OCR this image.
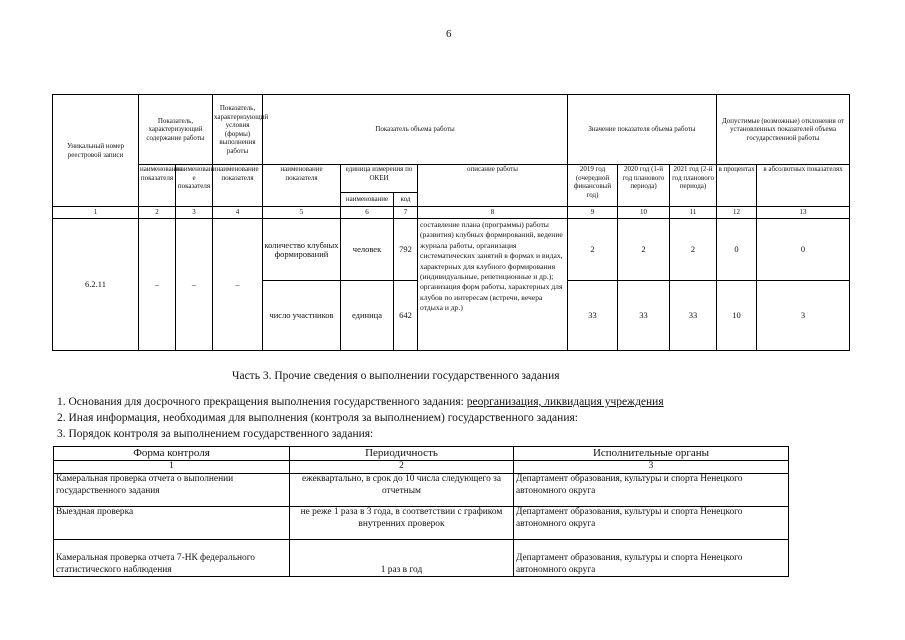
6
Уникальный номер реестровой записи	Показатель, характеризующий содержание работы		Показатель, характеризующий условия (формы) выполнения работы	Показатель объема работы				Значение показателя объема работы			Допустимые (возможные) отклонения от установленных показателей объема государственной работы	
	наименование показателя	наименовани е показателя	наименование показателя	наименование показателя	единица измерения по ОКЕИ		описание работы	2019 год (очередной финансовый год)	2020 год (1-й год планового периода)	2021 год (2-й год планового периода)	в процентах	в абсолютных показателях
					наименование	код						
1	2	3	4	5	6	7	8	9	10	11	12	13
6.2.11	–	–	–	количество клубных формирований	человек	792	составление плана (программы) работы (развития) клубных формирований, ведение журнала работы, организация систематических занятий в формах и видах, характерных для клубного формирования (индивидуальные, репетиционные и др.); организация форм работы, характерных для клубов по интересам (встречи, вечера отдыха и др.)	2	2	2	0	0
				число участников	единица	642		33	33	33	10	3
Часть 3. Прочие сведения о выполнении государственного задания
1. Основания для досрочного прекращения выполнения государственного задания: реорганизация, ликвидация учреждения
2. Иная информация, необходимая для выполнения (контроля за выполнением) государственного задания:
3. Порядок контроля за выполнением государственного задания:
Форма контроля	Периодичность	Исполнительные органы
1	2	3
Камеральная проверка отчета о выполнении государственного задания	ежеквартально, в срок до 10 числа следующего за отчетным	Департамент образования, культуры и спорта Ненецкого автономного округа
Выездная проверка	не реже 1 раза в 3 года, в соответствии с графиком внутренних проверок	Департамент образования, культуры и спорта Ненецкого автономного округа
Камеральная проверка отчета 7-НК федерального статистического наблюдения	1 раз в год	Департамент образования, культуры и спорта Ненецкого автономного округа
